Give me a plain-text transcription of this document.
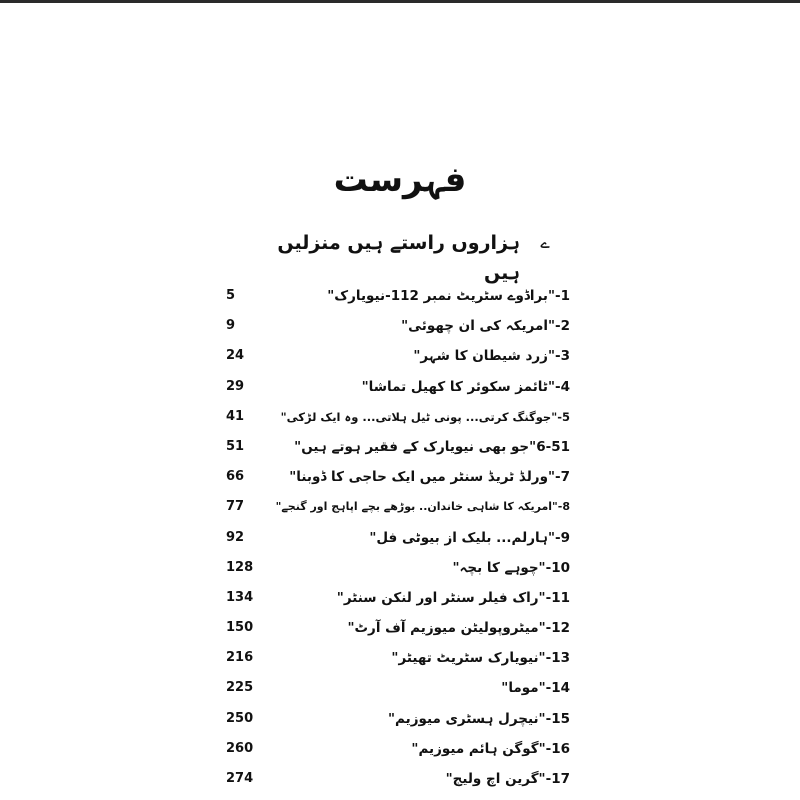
فہرست
ے
ہزاروں راستے ہیں منزلیں ہیں
1-"براڈوے سٹریٹ نمبر 112-نیویارک"
5
2-"امریکہ کی ان چھوئی"
9
3-"زرد شیطان کا شہر"
24
4-"ٹائمز سکوئر کا کھیل تماشا"
29
5-"جوگنگ کرتی... پونی ٹیل ہلاتی... وہ ایک لڑکی"
41
6-51"جو بھی نیویارک کے فقیر ہوتے ہیں"
51
7-"ورلڈ ٹریڈ سنٹر میں ایک حاجی کا ڈوبنا"
66
8-"امریکہ کا شاہی خاندان.. بوڑھے بچے اپاہج اور گنجے"
77
9-"ہارلم... بلیک از بیوٹی فل"
92
10-"چوہے کا بچہ"
128
11-"راک فیلر سنٹر اور لنکن سنٹر"
134
12-"میٹروپولیٹن میوزیم آف آرٹ"
150
13-"نیویارک سٹریٹ تھیٹر"
216
14-"موما"
225
15-"نیچرل ہسٹری میوزیم"
250
16-"گوگن ہائم میوزیم"
260
17-"گرین اچ ولیج"
274
